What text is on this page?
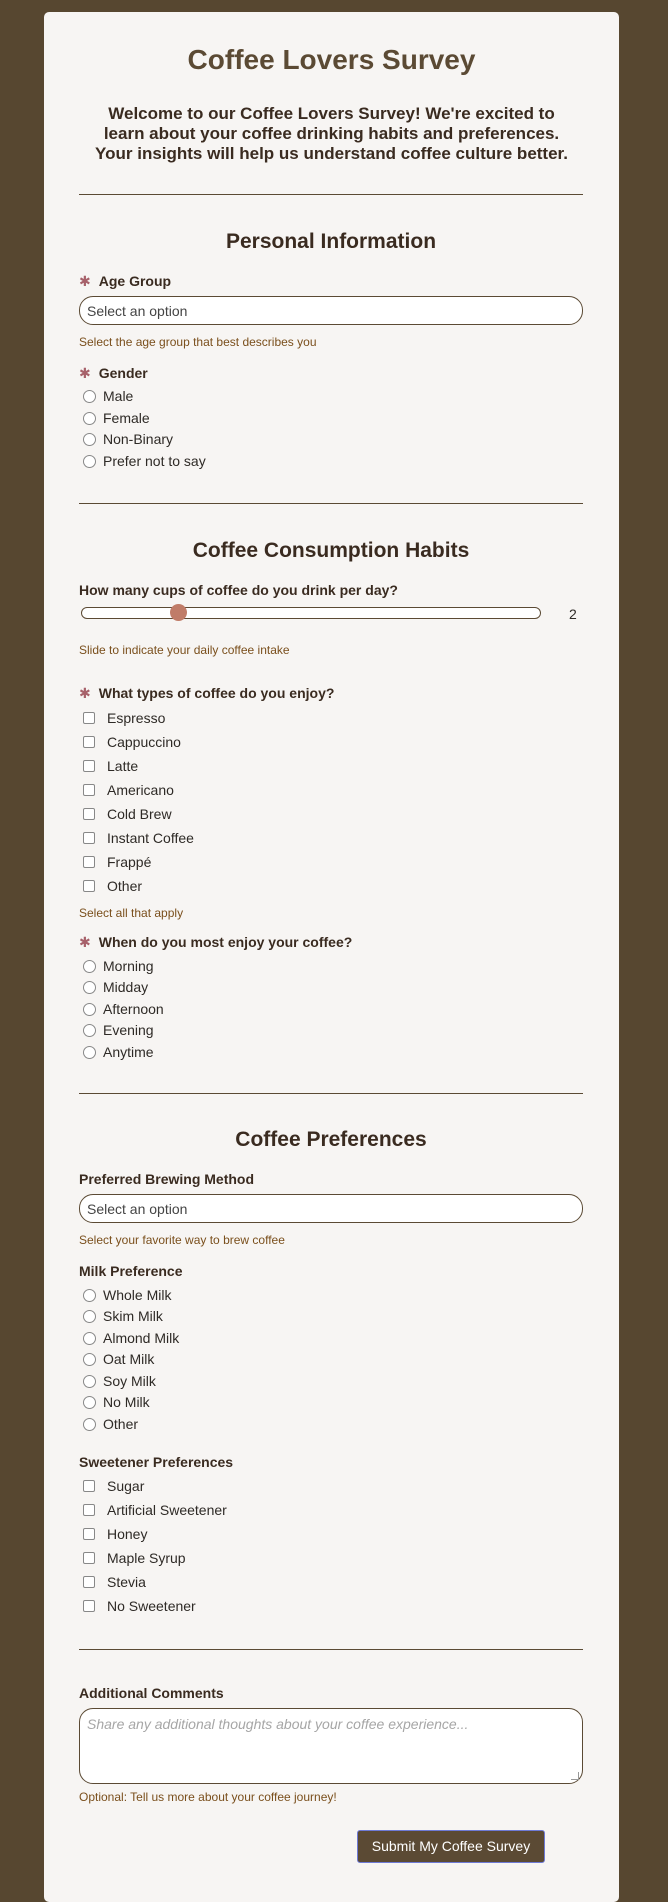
Coffee Lovers Survey
Welcome to our Coffee Lovers Survey! We're excited to learn about your coffee drinking habits and preferences. Your insights will help us understand coffee culture better.
Personal Information
✱ Age Group
Select an option
Select the age group that best describes you
✱ Gender
Male
Female
Non-Binary
Prefer not to say
Coffee Consumption Habits
How many cups of coffee do you drink per day?
2
Slide to indicate your daily coffee intake
✱ What types of coffee do you enjoy?
Espresso
Cappuccino
Latte
Americano
Cold Brew
Instant Coffee
Frappé
Other
Select all that apply
✱ When do you most enjoy your coffee?
Morning
Midday
Afternoon
Evening
Anytime
Coffee Preferences
Preferred Brewing Method
Select an option
Select your favorite way to brew coffee
Milk Preference
Whole Milk
Skim Milk
Almond Milk
Oat Milk
Soy Milk
No Milk
Other
Sweetener Preferences
Sugar
Artificial Sweetener
Honey
Maple Syrup
Stevia
No Sweetener
Additional Comments
Share any additional thoughts about your coffee experience...
Optional: Tell us more about your coffee journey!
Submit My Coffee Survey
